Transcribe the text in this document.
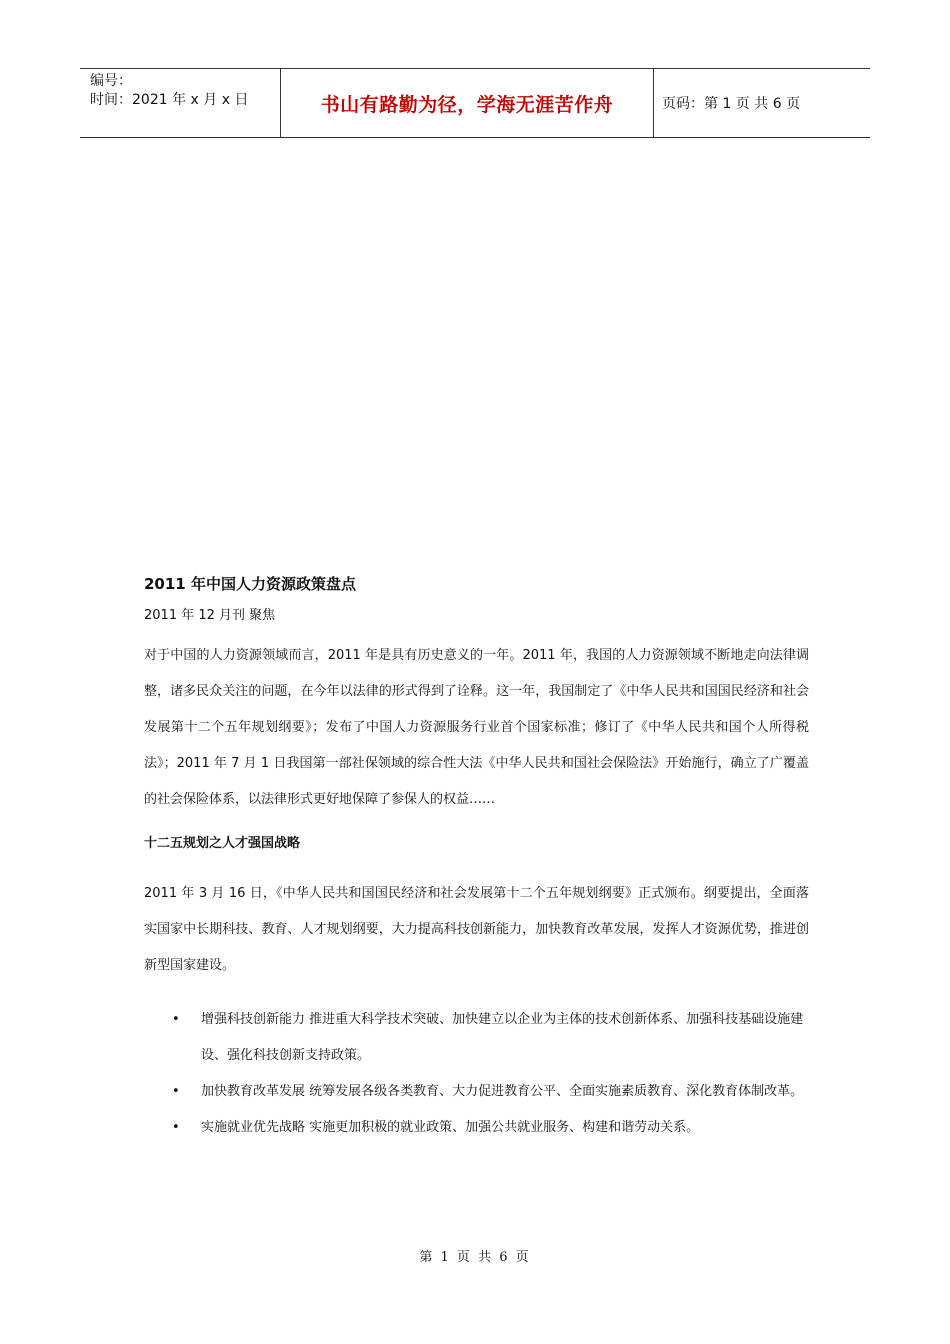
编号：
时间：2021 年 x 月 x 日	书山有路勤为径，学海无涯苦作舟	页码：第 1 页 共 6 页
2011 年中国人力资源政策盘点
2011 年 12 月刊 聚焦

对于中国的人力资源领域而言，2011 年是具有历史意义的一年。2011 年，我国的人力资源领域不断地走向法律调整，诸多民众关注的问题，在今年以法律的形式得到了诠释。这一年，我国制定了《中华人民共和国国民经济和社会发展第十二个五年规划纲要》；发布了中国人力资源服务行业首个国家标准；修订了《中华人民共和国个人所得税法》；2011 年 7 月 1 日我国第一部社保领域的综合性大法《中华人民共和国社会保险法》开始施行，确立了广覆盖的社会保险体系，以法律形式更好地保障了参保人的权益……

十二五规划之人才强国战略

2011 年 3 月 16 日，《中华人民共和国国民经济和社会发展第十二个五年规划纲要》正式颁布。纲要提出，全面落实国家中长期科技、教育、人才规划纲要，大力提高科技创新能力，加快教育改革发展，发挥人才资源优势，推进创新型国家建设。

• 增强科技创新能力 推进重大科学技术突破、加快建立以企业为主体的技术创新体系、加强科技基础设施建设、强化科技创新支持政策。
• 加快教育改革发展 统筹发展各级各类教育、大力促进教育公平、全面实施素质教育、深化教育体制改革。
• 实施就业优先战略 实施更加积极的就业政策、加强公共就业服务、构建和谐劳动关系。
第 1 页 共 6 页
